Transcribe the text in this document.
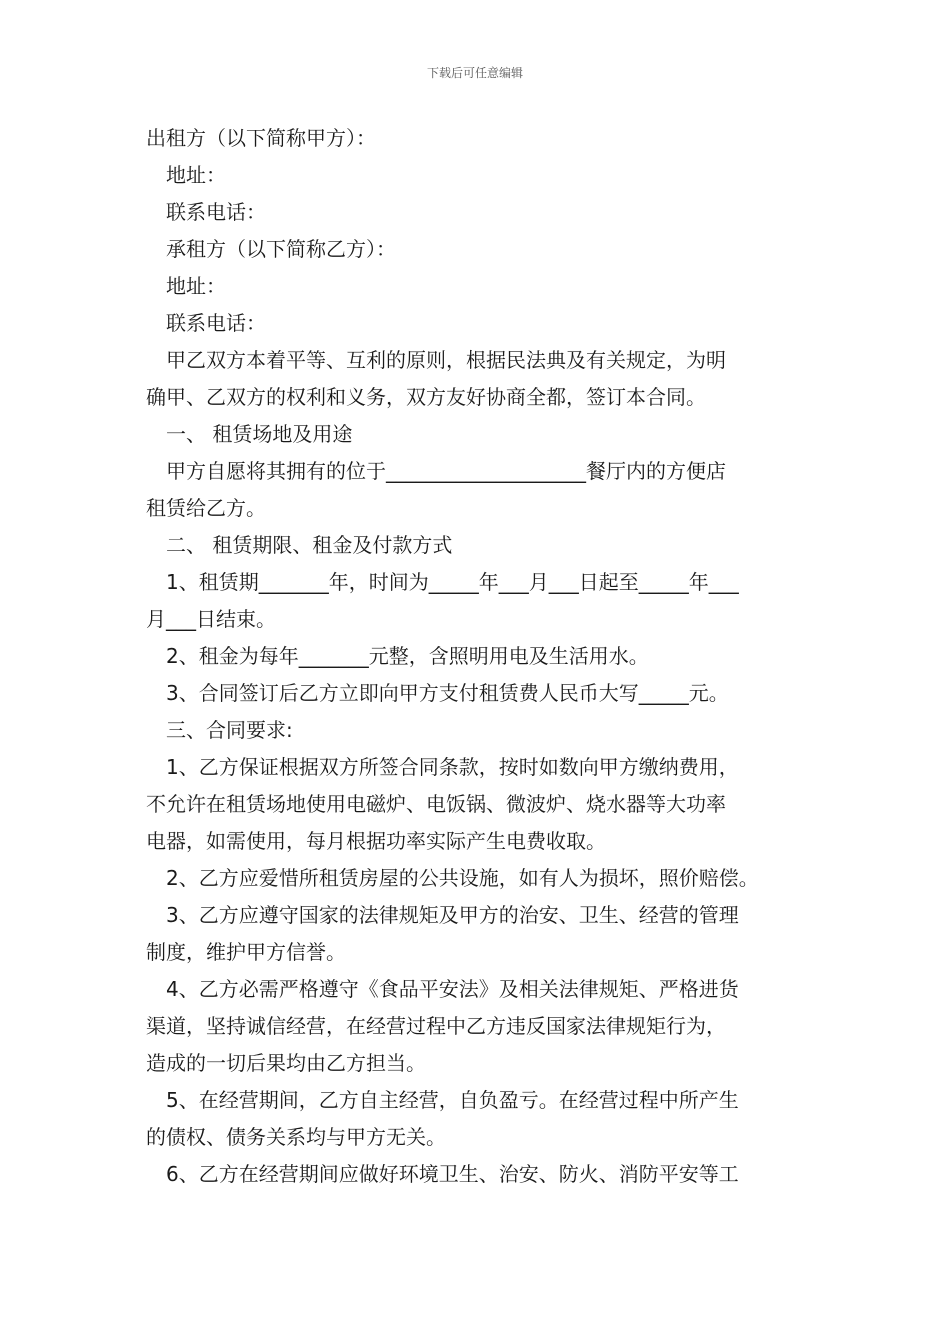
下载后可任意编辑
出租方（以下简称甲方）：
地址：
联系电话：
承租方（以下简称乙方）：
地址：
联系电话：
甲乙双方本着平等、互利的原则，根据民法典及有关规定，为明
确甲、乙双方的权利和义务，双方友好协商全都，签订本合同。
一、 租赁场地及用途
甲方自愿将其拥有的位于____________________餐厅内的方便店
租赁给乙方。
二、 租赁期限、租金及付款方式
1、租赁期_______年，时间为_____年___月___日起至_____年___
月___日结束。
2、租金为每年_______元整，含照明用电及生活用水。
3、合同签订后乙方立即向甲方支付租赁费人民币大写_____元。
三、合同要求:
1、乙方保证根据双方所签合同条款，按时如数向甲方缴纳费用，
不允许在租赁场地使用电磁炉、电饭锅、微波炉、烧水器等大功率
电器，如需使用，每月根据功率实际产生电费收取。
2、乙方应爱惜所租赁房屋的公共设施，如有人为损坏，照价赔偿。
3、乙方应遵守国家的法律规矩及甲方的治安、卫生、经营的管理
制度，维护甲方信誉。
4、乙方必需严格遵守《食品平安法》及相关法律规矩、严格进货
渠道，坚持诚信经营，在经营过程中乙方违反国家法律规矩行为，
造成的一切后果均由乙方担当。
5、在经营期间，乙方自主经营，自负盈亏。在经营过程中所产生
的债权、债务关系均与甲方无关。
6、乙方在经营期间应做好环境卫生、治安、防火、消防平安等工
